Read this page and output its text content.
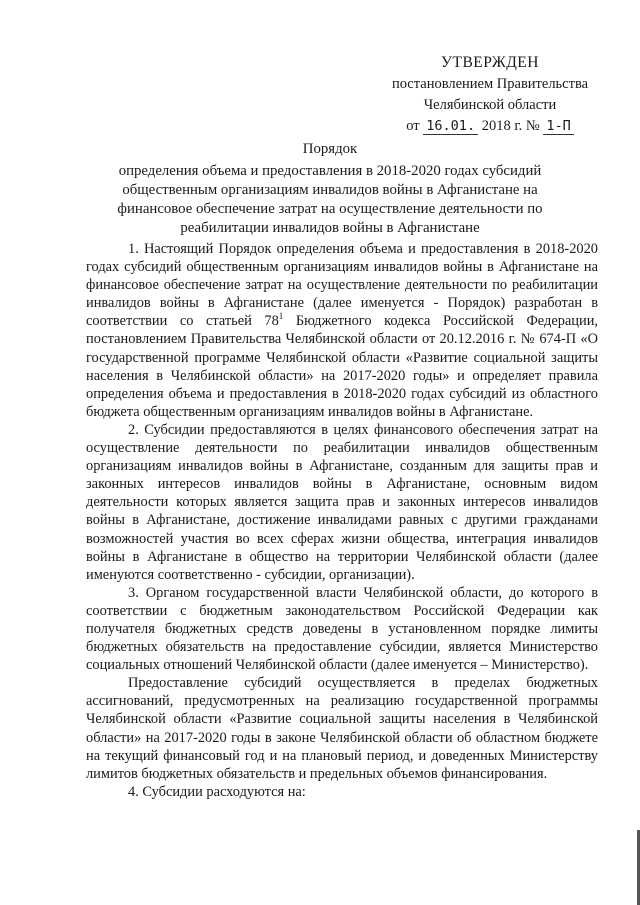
УТВЕРЖДЕН
постановлением Правительства
Челябинской области
от 16.01. 2018 г. № 1-П
Порядок
определения объема и предоставления в 2018-2020 годах субсидий
общественным организациям инвалидов войны в Афганистане на
финансовое обеспечение затрат на осуществление деятельности по
реабилитации инвалидов войны в Афганистане

1. Настоящий Порядок определения объема и предоставления в 2018-2020 годах субсидий общественным организациям инвалидов войны в Афганистане на финансовое обеспечение затрат на осуществление деятельности по реабилитации инвалидов войны в Афганистане (далее именуется - Порядок) разработан в соответствии со статьей $78^1$ Бюджетного кодекса Российской Федерации, постановлением Правительства Челябинской области от 20.12.2016 г. № 674-П «О государственной программе Челябинской области «Развитие социальной защиты населения в Челябинской области» на 2017-2020 годы» и определяет правила определения объема и предоставления в 2018-2020 годах субсидий из областного бюджета общественным организациям инвалидов войны в Афганистане.

2. Субсидии предоставляются в целях финансового обеспечения затрат на осуществление деятельности по реабилитации инвалидов общественным организациям инвалидов войны в Афганистане, созданным для защиты прав и законных интересов инвалидов войны в Афганистане, основным видом деятельности которых является защита прав и законных интересов инвалидов войны в Афганистане, достижение инвалидами равных с другими гражданами возможностей участия во всех сферах жизни общества, интеграция инвалидов войны в Афганистане в общество на территории Челябинской области (далее именуются соответственно - субсидии, организации).

3. Органом государственной власти Челябинской области, до которого в соответствии с бюджетным законодательством Российской Федерации как получателя бюджетных средств доведены в установленном порядке лимиты бюджетных обязательств на предоставление субсидии, является Министерство социальных отношений Челябинской области (далее именуется – Министерство).

Предоставление субсидий осуществляется в пределах бюджетных ассигнований, предусмотренных на реализацию государственной программы Челябинской области «Развитие социальной защиты населения в Челябинской области» на 2017-2020 годы в законе Челябинской области об областном бюджете на текущий финансовый год и на плановый период, и доведенных Министерству лимитов бюджетных обязательств и предельных объемов финансирования.

4. Субсидии расходуются на:
